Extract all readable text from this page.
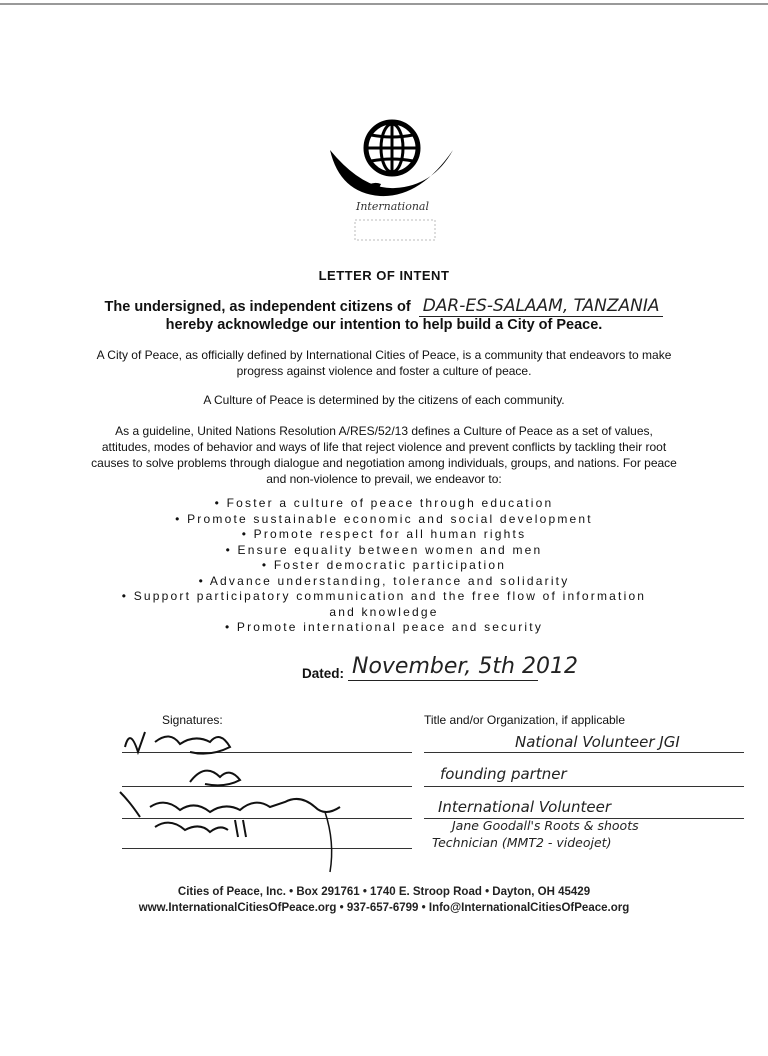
International
LETTER OF INTENT
The undersigned, as independent citizens of DAR-ES-SALAAM, TANZANIA
hereby acknowledge our intention to help build a City of Peace.
A City of Peace, as officially defined by International Cities of Peace, is a community that endeavors to make progress against violence and foster a culture of peace.
A Culture of Peace is determined by the citizens of each community.
As a guideline, United Nations Resolution A/RES/52/13 defines a Culture of Peace as a set of values, attitudes, modes of behavior and ways of life that reject violence and prevent conflicts by tackling their root causes to solve problems through dialogue and negotiation among individuals, groups, and nations. For peace and non-violence to prevail, we endeavor to:
• Foster a culture of peace through education
• Promote sustainable economic and social development
• Promote respect for all human rights
• Ensure equality between women and men
• Foster democratic participation
• Advance understanding, tolerance and solidarity
• Support participatory communication and the free flow of information and knowledge
• Promote international peace and security
Dated: November, 5th 2012
Signatures:	Title and/or Organization, if applicable
National Volunteer JGI
founding partner
International Volunteer
Jane Goodall's Roots & shoots
Technician (MMT2 - videojet)
Cities of Peace, Inc. • Box 291761 • 1740 E. Stroop Road • Dayton, OH 45429
www.InternationalCitiesOfPeace.org • 937-657-6799 • Info@InternationalCitiesOfPeace.org
